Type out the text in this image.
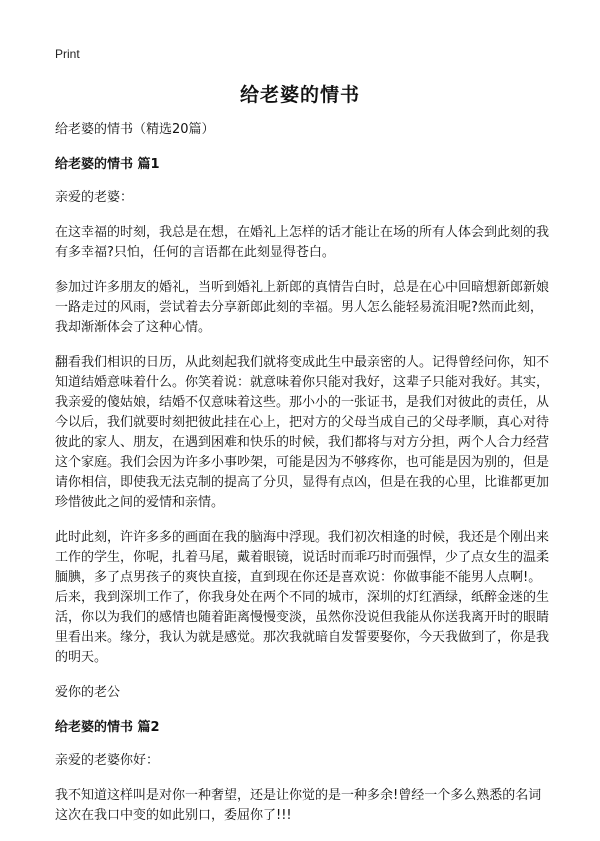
Print
给老婆的情书

给老婆的情书（精选20篇）

给老婆的情书 篇1

亲爱的老婆：

在这幸福的时刻，我总是在想，在婚礼上怎样的话才能让在场的所有人体会到此刻的我有多幸福?只怕，任何的言语都在此刻显得苍白。

参加过许多朋友的婚礼，当听到婚礼上新郎的真情告白时，总是在心中回暗想新郎新娘一路走过的风雨，尝试着去分享新郎此刻的幸福。男人怎么能轻易流泪呢?然而此刻，我却渐渐体会了这种心情。

翻看我们相识的日历，从此刻起我们就将变成此生中最亲密的人。记得曾经问你，知不知道结婚意味着什么。你笑着说：就意味着你只能对我好，这辈子只能对我好。其实，我亲爱的傻姑娘，结婚不仅意味着这些。那小小的一张证书，是我们对彼此的责任，从今以后，我们就要时刻把彼此挂在心上，把对方的父母当成自己的父母孝顺，真心对待彼此的家人、朋友，在遇到困难和快乐的时候，我们都将与对方分担，两个人合力经营这个家庭。我们会因为许多小事吵架，可能是因为不够疼你，也可能是因为别的，但是请你相信，即使我无法克制的提高了分贝，显得有点凶，但是在我的心里，比谁都更加珍惜彼此之间的爱情和亲情。

此时此刻，许许多多的画面在我的脑海中浮现。我们初次相逢的时候，我还是个刚出来工作的学生，你呢，扎着马尾，戴着眼镜，说话时而乖巧时而强悍，少了点女生的温柔腼腆，多了点男孩子的爽快直接，直到现在你还是喜欢说：你做事能不能男人点啊!。后来，我到深圳工作了，你我身处在两个不同的城市，深圳的灯红酒绿，纸醉金迷的生活，你以为我们的感情也随着距离慢慢变淡，虽然你没说但我能从你送我离开时的眼睛里看出来。缘分，我认为就是感觉。那次我就暗自发誓要娶你，今天我做到了，你是我的明天。

爱你的老公

给老婆的情书 篇2

亲爱的老婆你好：

我不知道这样叫是对你一种奢望，还是让你觉的是一种多余!曾经一个多么熟悉的名词这次在我口中变的如此别口，委屈你了!!!
